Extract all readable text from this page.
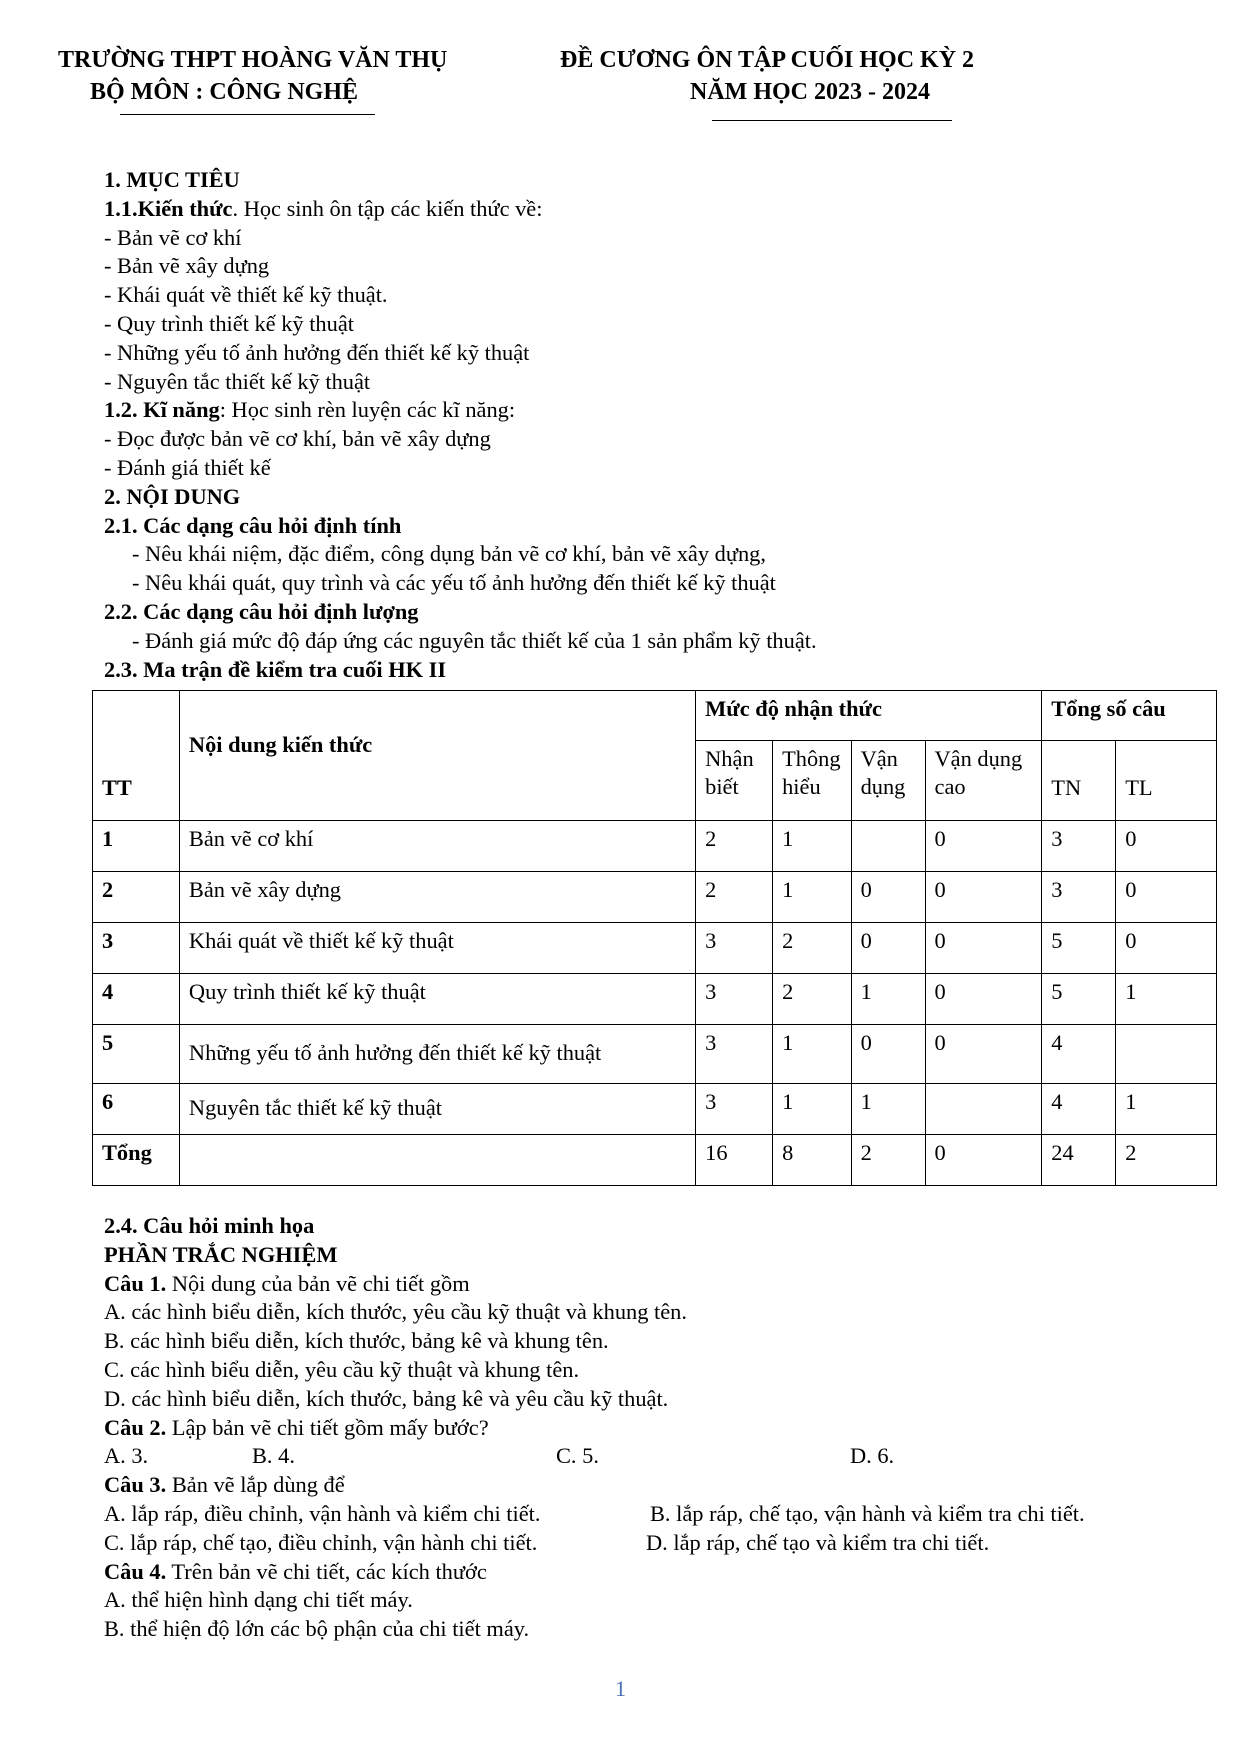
TRƯỜNG THPT HOÀNG VĂN THỤ
BỘ MÔN : CÔNG NGHỆ
ĐỀ CƯƠNG ÔN TẬP CUỐI HỌC KỲ 2
NĂM HỌC 2023 - 2024
1. MỤC TIÊU
1.1.Kiến thức. Học sinh ôn tập các kiến thức về:
- Bản vẽ cơ khí
- Bản vẽ xây dựng
- Khái quát về thiết kế kỹ thuật.
- Quy trình thiết kế kỹ thuật
- Những yếu tố ảnh hưởng đến thiết kế kỹ thuật
- Nguyên tắc thiết kế kỹ thuật
1.2. Kĩ năng: Học sinh rèn luyện các kĩ năng:
- Đọc được bản vẽ cơ khí, bản vẽ xây dựng
- Đánh giá thiết kế
2. NỘI DUNG
2.1. Các dạng câu hỏi định tính
- Nêu khái niệm, đặc điểm, công dụng bản vẽ cơ khí, bản vẽ xây dựng,
- Nêu khái quát, quy trình và các yếu tố ảnh hưởng đến thiết kế kỹ thuật
2.2. Các dạng câu hỏi định lượng
- Đánh giá mức độ đáp ứng các nguyên tắc thiết kế của 1 sản phẩm kỹ thuật.
2.3. Ma trận đề kiểm tra cuối HK II
TT	Nội dung kiến thức	Mức độ nhận thức				Tổng số câu	
		Nhận biết	Thông hiểu	Vận dụng	Vận dụng cao	TN	TL
1	Bản vẽ cơ khí	2	1		0	3	0
2	Bản vẽ xây dựng	2	1	0	0	3	0
3	Khái quát về thiết kế kỹ thuật	3	2	0	0	5	0
4	Quy trình thiết kế kỹ thuật	3	2	1	0	5	1
5	Những yếu tố ảnh hưởng đến thiết kế kỹ thuật	3	1	0	0	4	
6	Nguyên tắc thiết kế kỹ thuật	3	1	1		4	1
Tổng		16	8	2	0	24	2
2.4. Câu hỏi minh họa
PHẦN TRẮC NGHIỆM
Câu 1. Nội dung của bản vẽ chi tiết gồm
A. các hình biểu diễn, kích thước, yêu cầu kỹ thuật và khung tên.
B. các hình biểu diễn, kích thước, bảng kê và khung tên.
C. các hình biểu diễn, yêu cầu kỹ thuật và khung tên.
D. các hình biểu diễn, kích thước, bảng kê và yêu cầu kỹ thuật.
Câu 2. Lập bản vẽ chi tiết gồm mấy bước?
A. 3.	B. 4.	C. 5.	D. 6.
Câu 3. Bản vẽ lắp dùng để
A. lắp ráp, điều chỉnh, vận hành và kiểm chi tiết.	B. lắp ráp, chế tạo, vận hành và kiểm tra chi tiết.
C. lắp ráp, chế tạo, điều chỉnh, vận hành chi tiết.	D. lắp ráp, chế tạo và kiểm tra chi tiết.
Câu 4. Trên bản vẽ chi tiết, các kích thước
A. thể hiện hình dạng chi tiết máy.
B. thể hiện độ lớn các bộ phận của chi tiết máy.
1
